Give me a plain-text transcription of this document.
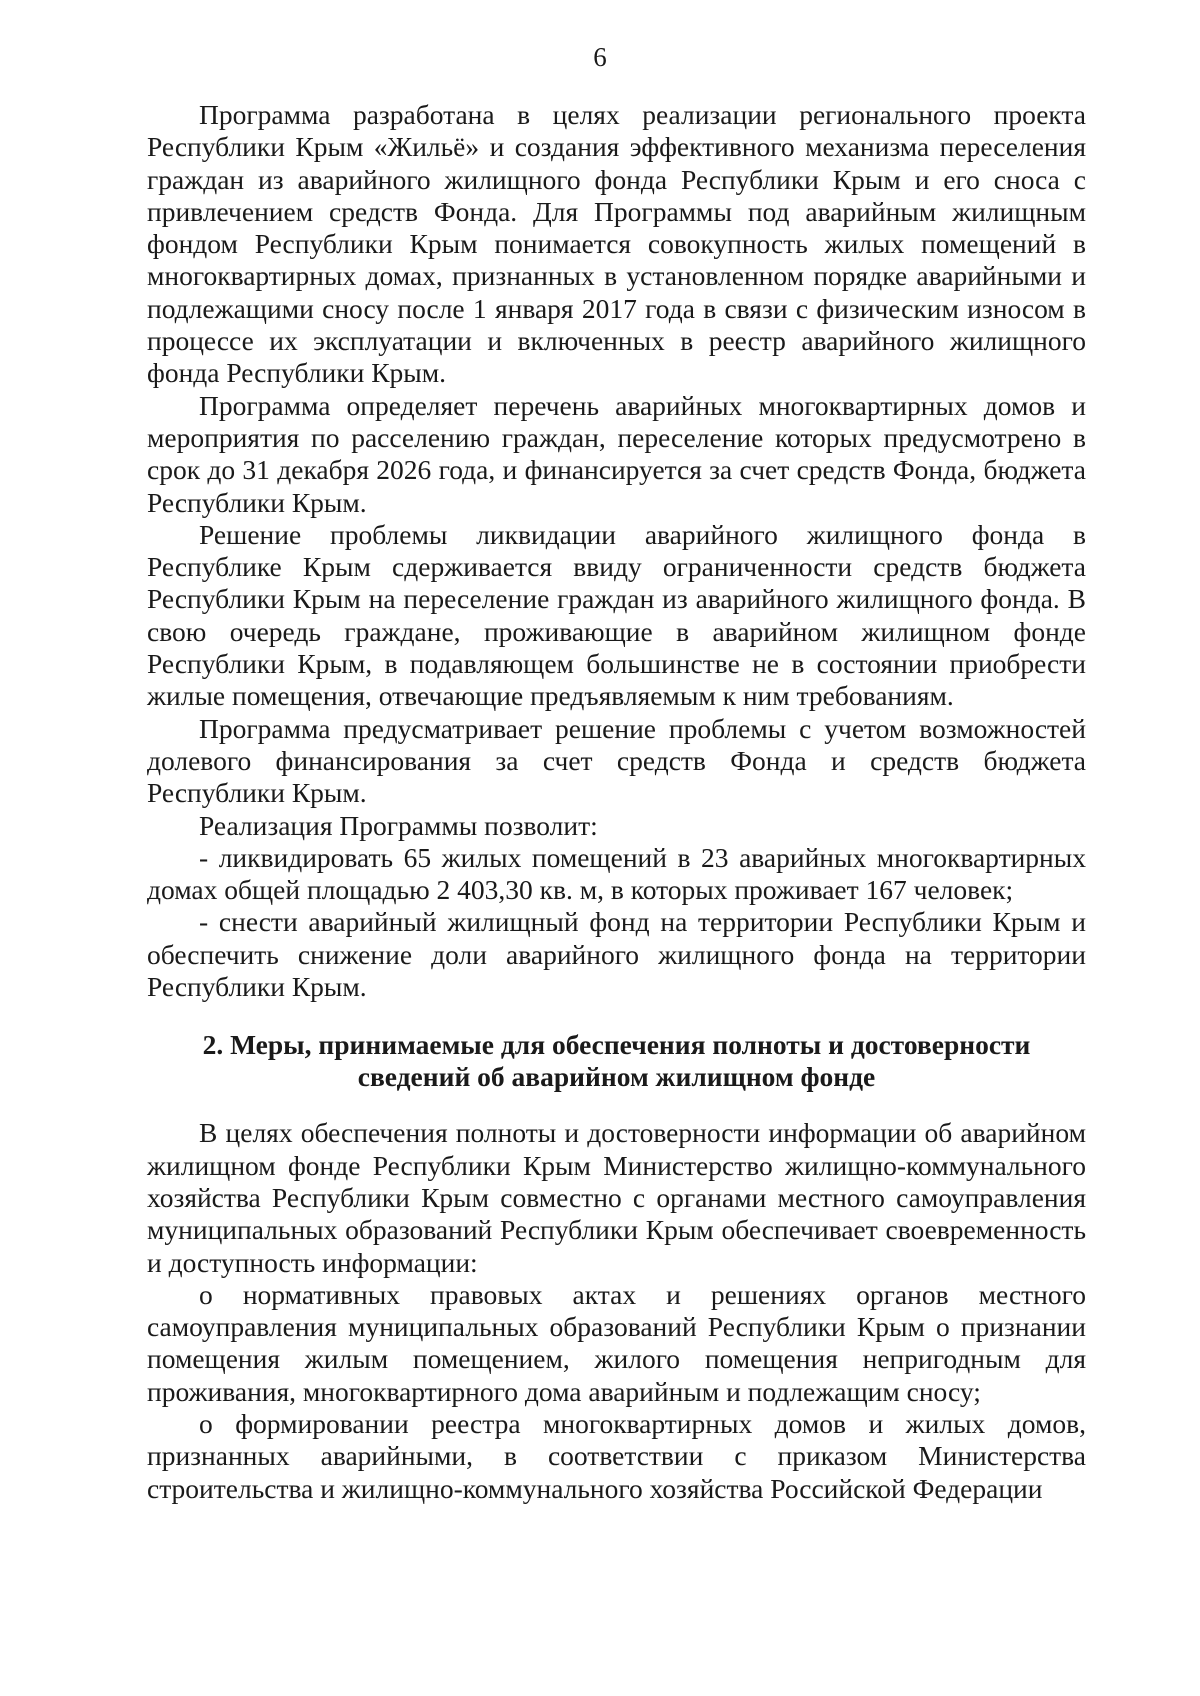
6

Программа разработана в целях реализации регионального проекта Республики Крым «Жильё» и создания эффективного механизма переселения граждан из аварийного жилищного фонда Республики Крым и его сноса с привлечением средств Фонда. Для Программы под аварийным жилищным фондом Республики Крым понимается совокупность жилых помещений в многоквартирных домах, признанных в установленном порядке аварийными и подлежащими сносу после 1 января 2017 года в связи с физическим износом в процессе их эксплуатации и включенных в реестр аварийного жилищного фонда Республики Крым.

Программа определяет перечень аварийных многоквартирных домов и мероприятия по расселению граждан, переселение которых предусмотрено в срок до 31 декабря 2026 года, и финансируется за счет средств Фонда, бюджета Республики Крым.

Решение проблемы ликвидации аварийного жилищного фонда в Республике Крым сдерживается ввиду ограниченности средств бюджета Республики Крым на переселение граждан из аварийного жилищного фонда. В свою очередь граждане, проживающие в аварийном жилищном фонде Республики Крым, в подавляющем большинстве не в состоянии приобрести жилые помещения, отвечающие предъявляемым к ним требованиям.

Программа предусматривает решение проблемы с учетом возможностей долевого финансирования за счет средств Фонда и средств бюджета Республики Крым.

Реализация Программы позволит:

- ликвидировать 65 жилых помещений в 23 аварийных многоквартирных домах общей площадью 2 403,30 кв. м, в которых проживает 167 человек;

- снести аварийный жилищный фонд на территории Республики Крым и обеспечить снижение доли аварийного жилищного фонда на территории Республики Крым.

2. Меры, принимаемые для обеспечения полноты и достоверности
сведений об аварийном жилищном фонде

В целях обеспечения полноты и достоверности информации об аварийном жилищном фонде Республики Крым Министерство жилищно-коммунального хозяйства Республики Крым совместно с органами местного самоуправления муниципальных образований Республики Крым обеспечивает своевременность и доступность информации:

о нормативных правовых актах и решениях органов местного самоуправления муниципальных образований Республики Крым о признании помещения жилым помещением, жилого помещения непригодным для проживания, многоквартирного дома аварийным и подлежащим сносу;

о формировании реестра многоквартирных домов и жилых домов, признанных аварийными, в соответствии с приказом Министерства строительства и жилищно-коммунального хозяйства Российской Федерации
